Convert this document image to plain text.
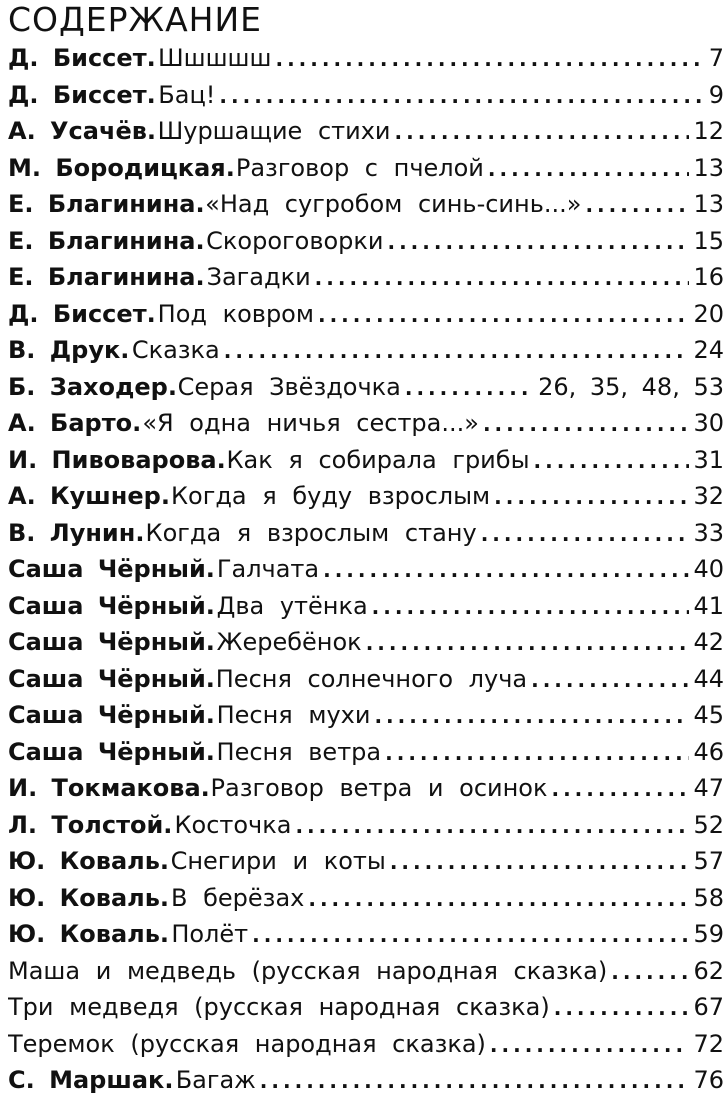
СОДЕРЖАНИЕ
Д. Биссет. Шшшшш .....	7
Д. Биссет. Бац! .....	9
А. Усачёв. Шуршащие стихи .....	12
М. Бородицкая. Разговор с пчелой .....	13
Е. Благинина. «Над сугробом синь-синь...» .....	13
Е. Благинина. Скороговорки .....	15
Е. Благинина. Загадки .....	16
Д. Биссет. Под ковром .....	20
В. Друк. Сказка .....	24
Б. Заходер. Серая Звёздочка .....	26, 35, 48, 53
А. Барто. «Я одна ничья сестра...» .....	30
И. Пивоварова. Как я собирала грибы .....	31
А. Кушнер. Когда я буду взрослым .....	32
В. Лунин. Когда я взрослым стану .....	33
Саша Чёрный. Галчата .....	40
Саша Чёрный. Два утёнка .....	41
Саша Чёрный. Жеребёнок .....	42
Саша Чёрный. Песня солнечного луча .....	44
Саша Чёрный. Песня мухи .....	45
Саша Чёрный. Песня ветра .....	46
И. Токмакова. Разговор ветра и осинок .....	47
Л. Толстой. Косточка .....	52
Ю. Коваль. Снегири и коты .....	57
Ю. Коваль. В берёзах .....	58
Ю. Коваль. Полёт .....	59
Маша и медведь (русская народная сказка) .....	62
Три медведя (русская народная сказка) .....	67
Теремок (русская народная сказка) .....	72
С. Маршак. Багаж .....	76
